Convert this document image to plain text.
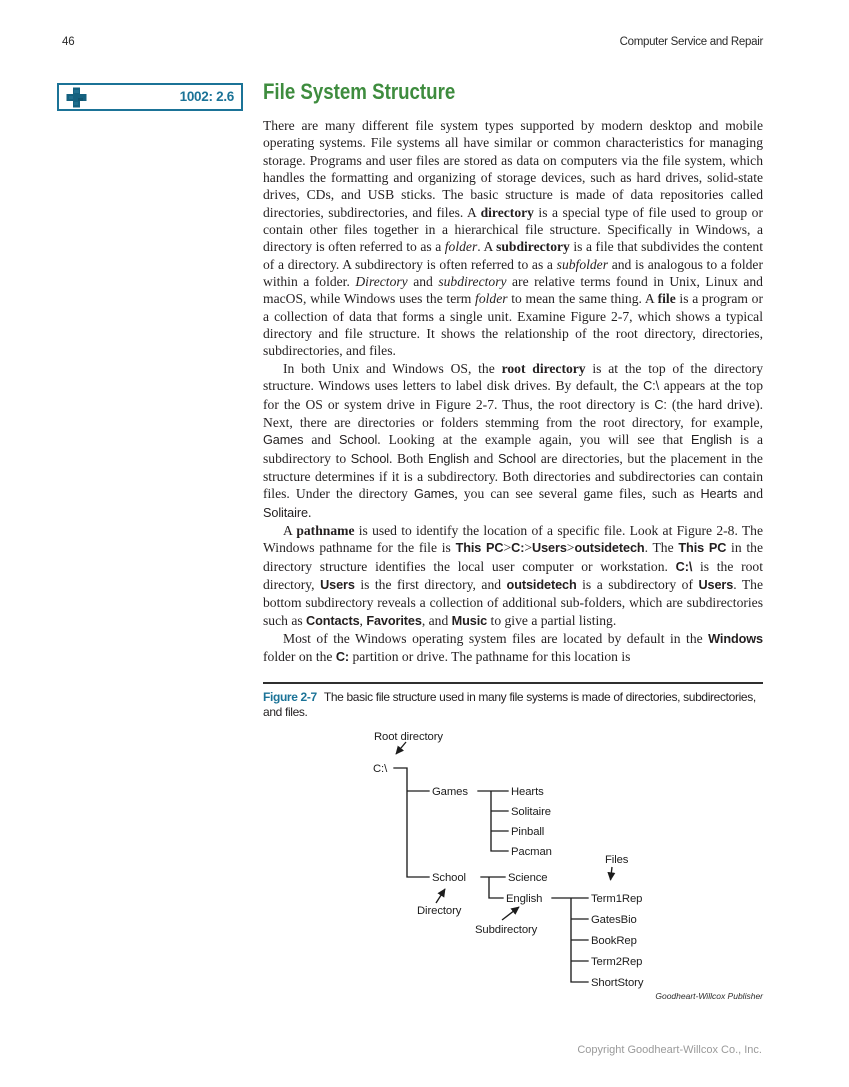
46	Computer Service and Repair
1002: 2.6 File System Structure

There are many different file system types supported by modern desktop and mobile operating systems. File systems all have similar or common characteristics for managing storage. Programs and user files are stored as data on computers via the file system, which handles the formatting and organizing of storage devices, such as hard drives, solid-state drives, CDs, and USB sticks. The basic structure is made of data repositories called directories, subdirectories, and files. A directory is a special type of file used to group or contain other files together in a hierarchical file structure. Specifically in Windows, a directory is often referred to as a folder. A subdirectory is a file that subdivides the content of a directory. A subdirectory is often referred to as a subfolder and is analogous to a folder within a folder. Directory and subdirectory are relative terms found in Unix, Linux and macOS, while Windows uses the term folder to mean the same thing. A file is a program or a collection of data that forms a single unit. Examine Figure 2-7, which shows a typical directory and file structure. It shows the relationship of the root directory, directories, subdirectories, and files.

In both Unix and Windows OS, the root directory is at the top of the directory structure. Windows uses letters to label disk drives. By default, the C:\ appears at the top for the OS or system drive in Figure 2-7. Thus, the root directory is C: (the hard drive). Next, there are directories or folders stemming from the root directory, for example, Games and School. Looking at the example again, you will see that English is a subdirectory to School. Both English and School are directories, but the placement in the structure determines if it is a subdirectory. Both directories and subdirectories can contain files. Under the directory Games, you can see several game files, such as Hearts and Solitaire.

A pathname is used to identify the location of a specific file. Look at Figure 2-8. The Windows pathname for the file is This PC>C:>Users>outsidetech. The This PC in the directory structure identifies the local user computer or workstation. C:\ is the root directory, Users is the first directory, and outsidetech is a subdirectory of Users. The bottom subdirectory reveals a collection of additional sub-folders, which are subdirectories such as Contacts, Favorites, and Music to give a partial listing.

Most of the Windows operating system files are located by default in the Windows folder on the C: partition or drive. The pathname for this location is

Figure 2-7 The basic file structure used in many file systems is made of directories, subdirectories, and files.
Root directory
C:\
Games	Hearts
Solitaire
Pinball
Pacman
School	Science
English
Directory
Subdirectory
Files
Term1Rep
GatesBio
BookRep
Term2Rep
ShortStory
Goodheart-Willcox Publisher
Copyright Goodheart-Willcox Co., Inc.
